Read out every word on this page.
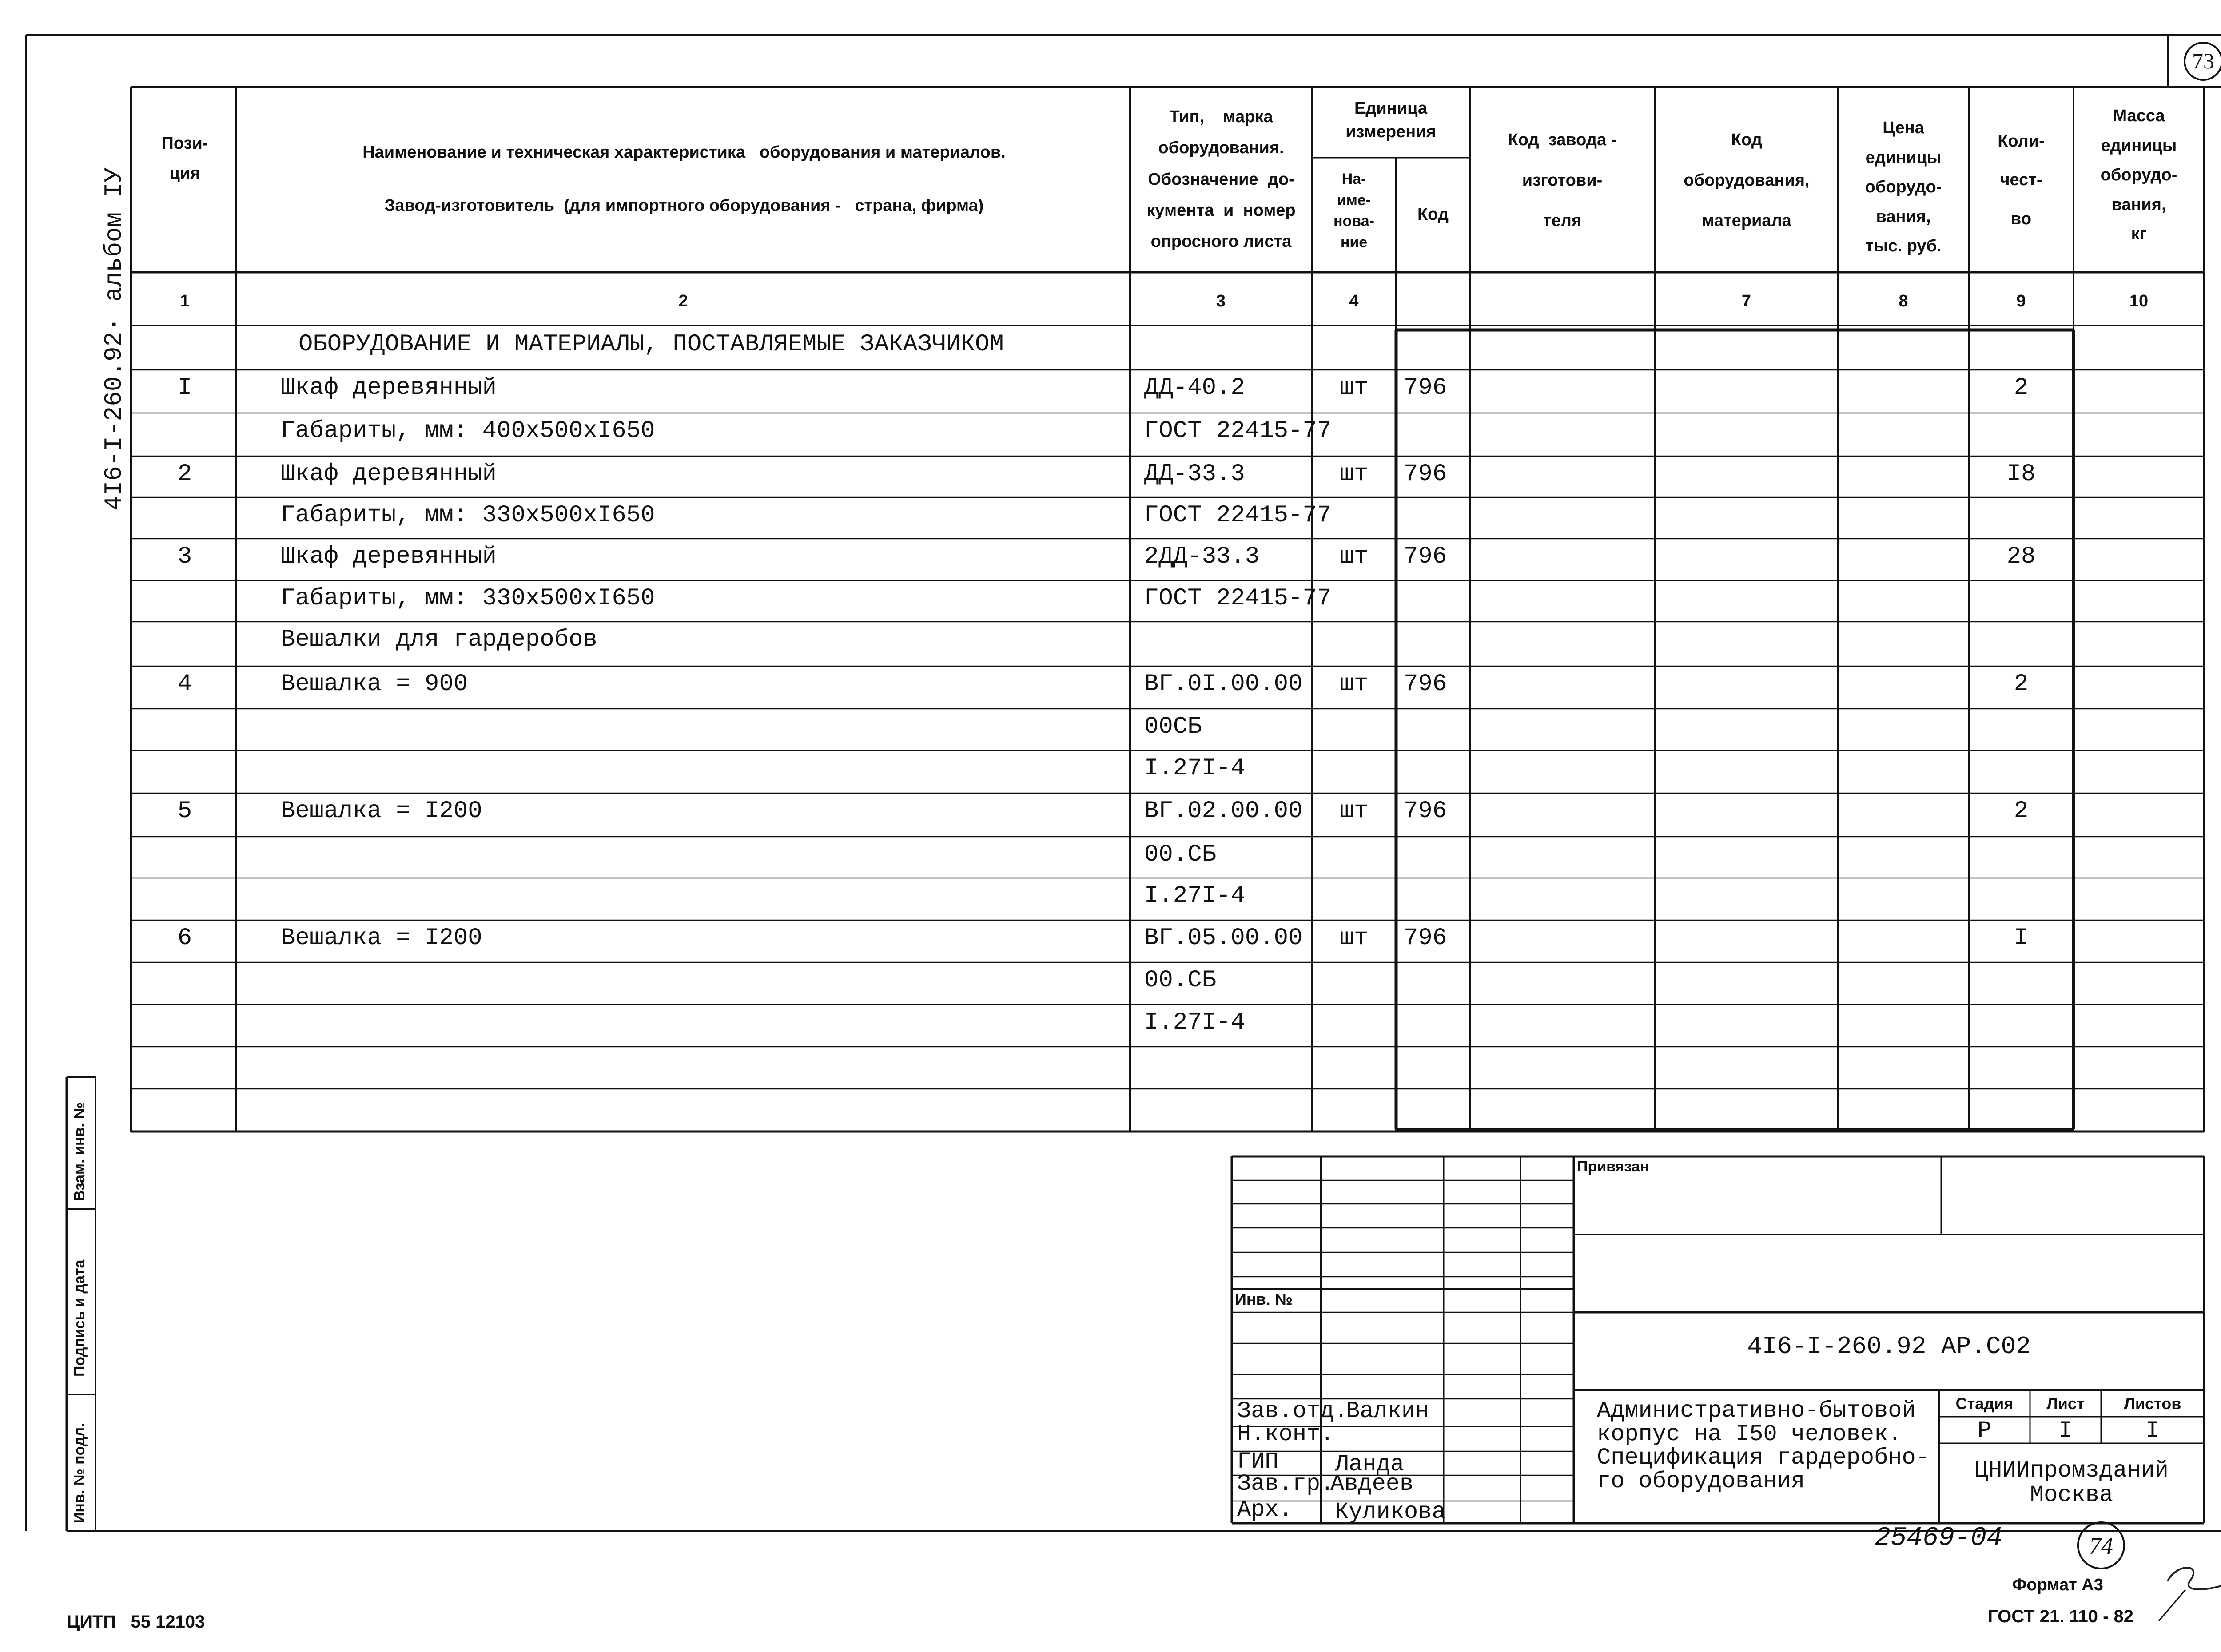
73
4I6-I-260.92· альбом IУ
Взам. инв. №
Подпись и дата
Инв. № подл.
Пози-
ция
Наименование и техническая характеристика   оборудования и материалов.
Завод-изготовитель  (для импортного оборудования -   страна, фирма)
Тип,    марка
оборудования.
Обозначение  до-
кумента  и  номер
опросного листа
Единица
измерения
На-
име-
нова-
ние
Код
Код  завода -
изготови-
теля
Код
оборудования,
материала
Цена
единицы
оборудо-
вания,
тыс. руб.
Коли-
чест-
во
Масса
единицы
оборудо-
вания,
кг
1	2	3	4	7	8	9	10
ОБОРУДОВАНИЕ И МАТЕРИАЛЫ, ПОСТАВЛЯЕМЫЕ ЗАКАЗЧИКОМ
I	Шкаф деревянный	ДД-40.2	шт	796	2
Габариты, мм: 400х500хI650	ГОСТ 22415-77
2	Шкаф деревянный	ДД-33.3	шт	796	I8
Габариты, мм: 330х500хI650	ГОСТ 22415-77
3	Шкаф деревянный	2ДД-33.3	шт	796	28
Габариты, мм: 330х500хI650	ГОСТ 22415-77
Вешалки для гардеробов
4	Вешалка = 900	ВГ.0I.00.00	шт	796	2
00СБ
I.27I-4
5	Вешалка = I200	ВГ.02.00.00	шт	796	2
00.СБ
I.27I-4
6	Вешалка = I200	ВГ.05.00.00	шт	796	I
00.СБ
I.27I-4
Привязан
Инв. №
4I6-I-260.92 АР.С02
Административно-бытовой
корпус на I50 человек.
Спецификация гардеробно-
го оборудования
Стадия	Лист	Листов
Р	I	I
ЦНИИпромзданий
Москва
Зав.отд.
Валкин
Н.конт.
ГИП Ланда
Зав.гр.
Авдеев
Арх. Куликова
25469-04	74
Формат А3
ЦИТП   55 12103	ГОСТ 21. 110 - 82
